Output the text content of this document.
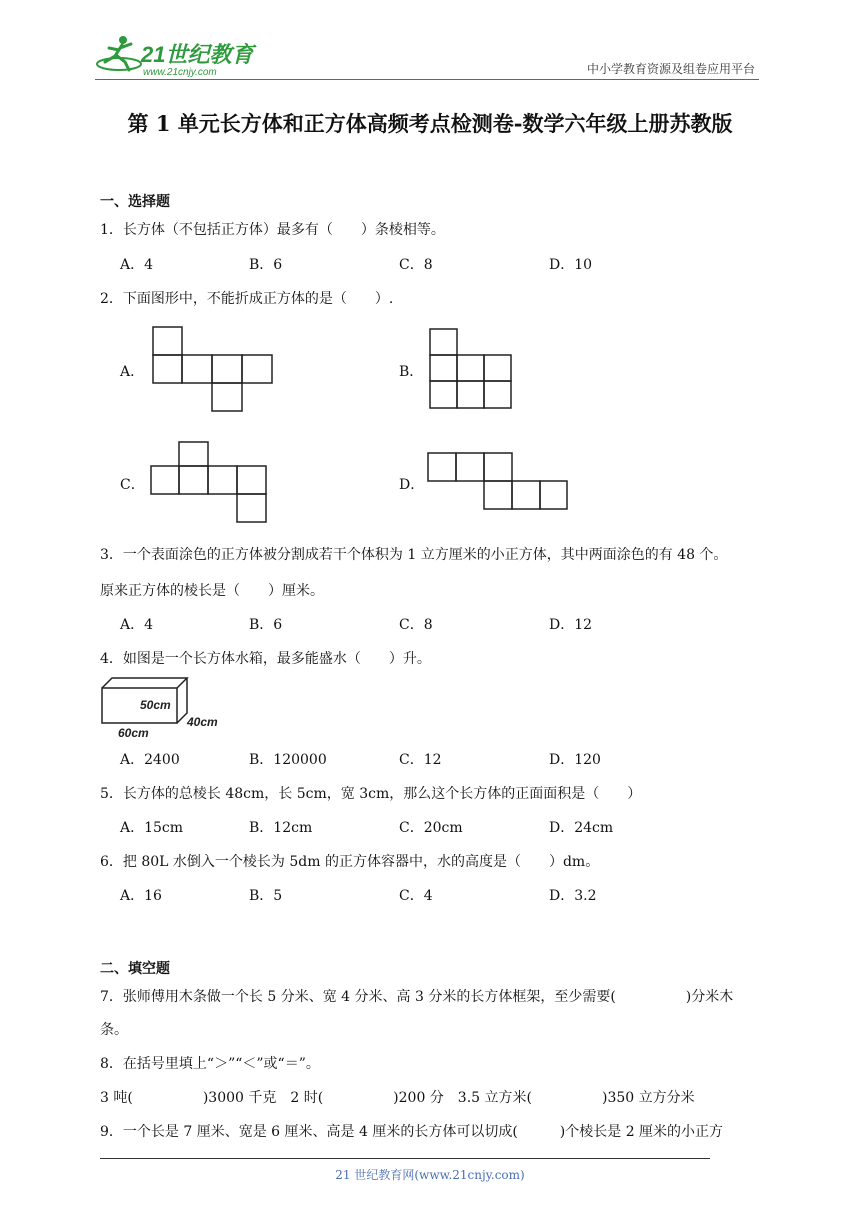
21世纪教育
www.21cnjy.com	中小学教育资源及组卷应用平台
第 1 单元长方体和正方体高频考点检测卷-数学六年级上册苏教版
一、选择题
1．长方体（不包括正方体）最多有（　　）条棱相等。
A．4	B．6	C．8	D．10
2．下面图形中，不能折成正方体的是（　　）.
A．	B．
C．	D．
3．一个表面涂色的正方体被分割成若干个体积为 1 立方厘米的小正方体，其中两面涂色的有 48 个。
原来正方体的棱长是（　　）厘米。
A．4	B．6	C．8	D．12
4．如图是一个长方体水箱，最多能盛水（　　）升。
50cm
40cm
60cm
A．2400	B．120000	C．12	D．120
5．长方体的总棱长 48cm，长 5cm，宽 3cm，那么这个长方体的正面面积是（　　）
A．15cm	B．12cm	C．20cm	D．24cm
6．把 80L 水倒入一个棱长为 5dm 的正方体容器中，水的高度是（　　）dm。
A．16	B．5	C．4	D．3.2
二、填空题
7．张师傅用木条做一个长 5 分米、宽 4 分米、高 3 分米的长方体框架，至少需要(　　　　　)分米木
条。
8．在括号里填上“＞”“＜”或“＝”。
3 吨(　　　　　)3000 千克　2 时(　　　　　)200 分　3.5 立方米(　　　　　)350 立方分米
9．一个长是 7 厘米、宽是 6 厘米、高是 4 厘米的长方体可以切成(　　　)个棱长是 2 厘米的小正方
21 世纪教育网(www.21cnjy.com)
